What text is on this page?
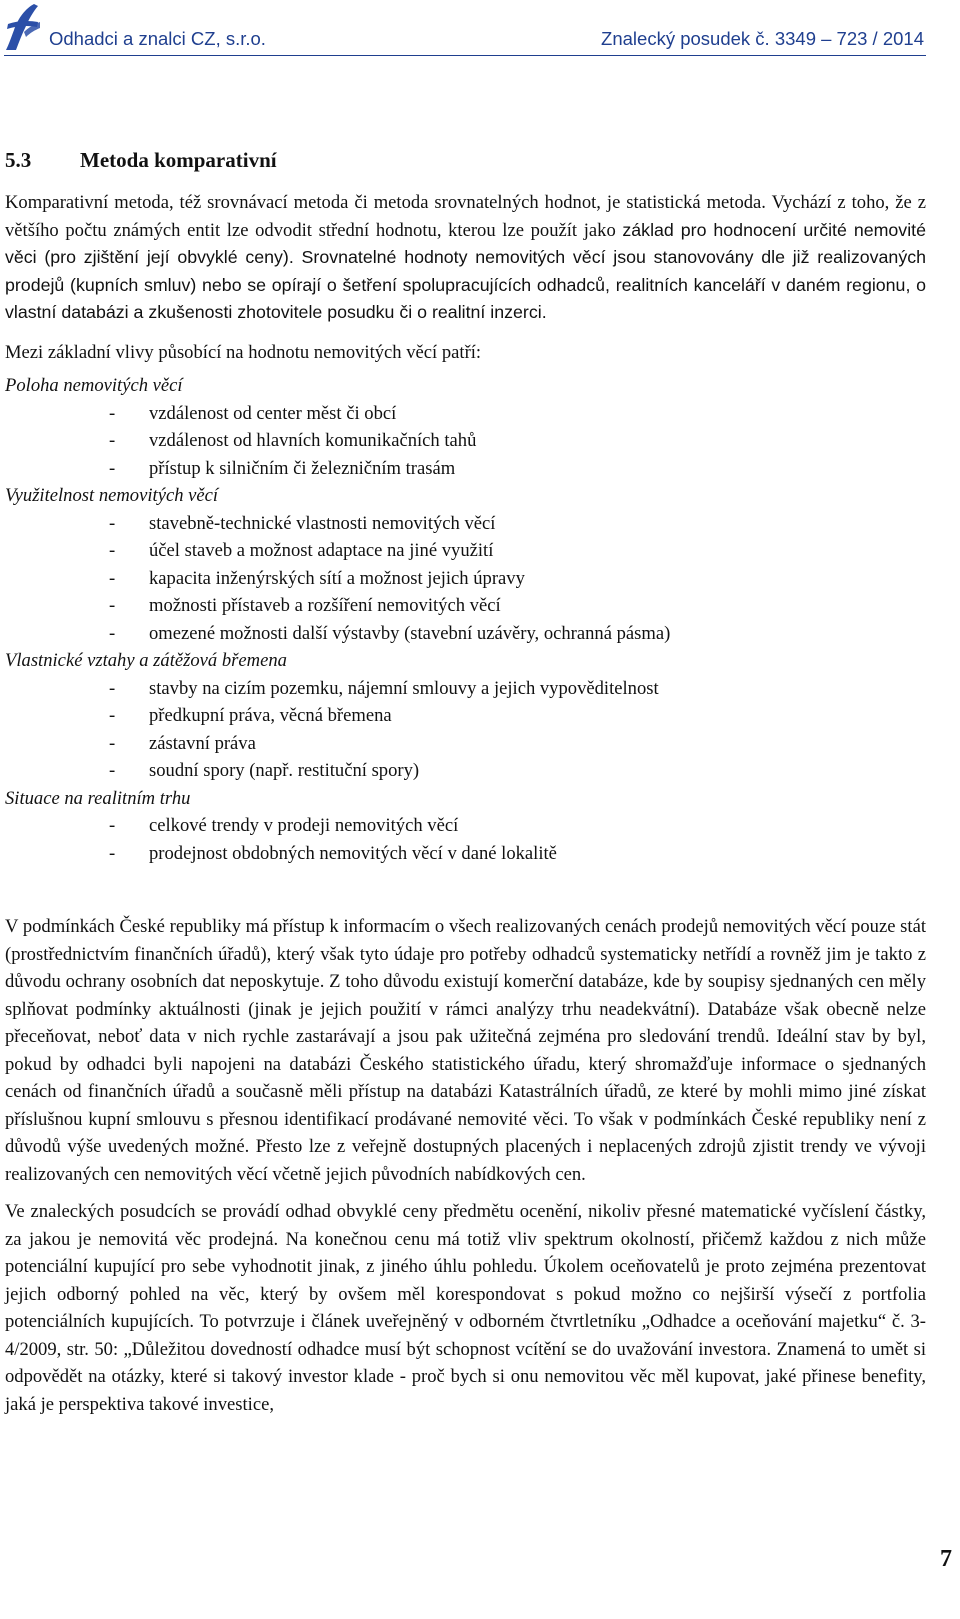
Odhadci a znalci CZ, s.r.o.	Znalecký posudek č. 3349 – 723 / 2014
5.3 Metoda komparativní

Komparativní metoda, též srovnávací metoda či metoda srovnatelných hodnot, je statistická metoda. Vychází z toho, že z většího počtu známých entit lze odvodit střední hodnotu, kterou lze použít jako základ pro hodnocení určité nemovité věci (pro zjištění její obvyklé ceny). Srovnatelné hodnoty nemovitých věcí jsou stanovovány dle již realizovaných prodejů (kupních smluv) nebo se opírají o šetření spolupracujících odhadců, realitních kanceláří v daném regionu, o vlastní databázi a zkušenosti zhotovitele posudku či o realitní inzerci.

Mezi základní vlivy působící na hodnotu nemovitých věcí patří:

Poloha nemovitých věcí
- vzdálenost od center měst či obcí
- vzdálenost od hlavních komunikačních tahů
- přístup k silničním či železničním trasám
Využitelnost nemovitých věcí
- stavebně-technické vlastnosti nemovitých věcí
- účel staveb a možnost adaptace na jiné využití
- kapacita inženýrských sítí a možnost jejich úpravy
- možnosti přístaveb a rozšíření nemovitých věcí
- omezené možnosti další výstavby (stavební uzávěry, ochranná pásma)
Vlastnické vztahy a zátěžová břemena
- stavby na cizím pozemku, nájemní smlouvy a jejich vypověditelnost
- předkupní práva, věcná břemena
- zástavní práva
- soudní spory (např. restituční spory)
Situace na realitním trhu
- celkové trendy v prodeji nemovitých věcí
- prodejnost obdobných nemovitých věcí v dané lokalitě

V podmínkách České republiky má přístup k informacím o všech realizovaných cenách prodejů nemovitých věcí pouze stát (prostřednictvím finančních úřadů), který však tyto údaje pro potřeby odhadců systematicky netřídí a rovněž jim je takto z důvodu ochrany osobních dat neposkytuje. Z toho důvodu existují komerční databáze, kde by soupisy sjednaných cen měly splňovat podmínky aktuálnosti (jinak je jejich použití v rámci analýzy trhu neadekvátní). Databáze však obecně nelze přeceňovat, neboť data v nich rychle zastarávají a jsou pak užitečná zejména pro sledování trendů. Ideální stav by byl, pokud by odhadci byli napojeni na databázi Českého statistického úřadu, který shromažďuje informace o sjednaných cenách od finančních úřadů a současně měli přístup na databázi Katastrálních úřadů, ze které by mohli mimo jiné získat příslušnou kupní smlouvu s přesnou identifikací prodávané nemovité věci. To však v podmínkách České republiky není z důvodů výše uvedených možné. Přesto lze z veřejně dostupných placených i neplacených zdrojů zjistit trendy ve vývoji realizovaných cen nemovitých věcí včetně jejich původních nabídkových cen.

Ve znaleckých posudcích se provádí odhad obvyklé ceny předmětu ocenění, nikoliv přesné matematické vyčíslení částky, za jakou je nemovitá věc prodejná. Na konečnou cenu má totiž vliv spektrum okolností, přičemž každou z nich může potenciální kupující pro sebe vyhodnotit jinak, z jiného úhlu pohledu. Úkolem oceňovatelů je proto zejména prezentovat jejich odborný pohled na věc, který by ovšem měl korespondovat s pokud možno co nejširší výsečí z portfolia potenciálních kupujících. To potvrzuje i článek uveřejněný v odborném čtvrtletníku „Odhadce a oceňování majetku“ č. 3-4/2009, str. 50: „Důležitou dovedností odhadce musí být schopnost vcítění se do uvažování investora. Znamená to umět si odpovědět na otázky, které si takový investor klade - proč bych si onu nemovitou věc měl kupovat, jaké přinese benefity, jaká je perspektiva takové investice,

7
